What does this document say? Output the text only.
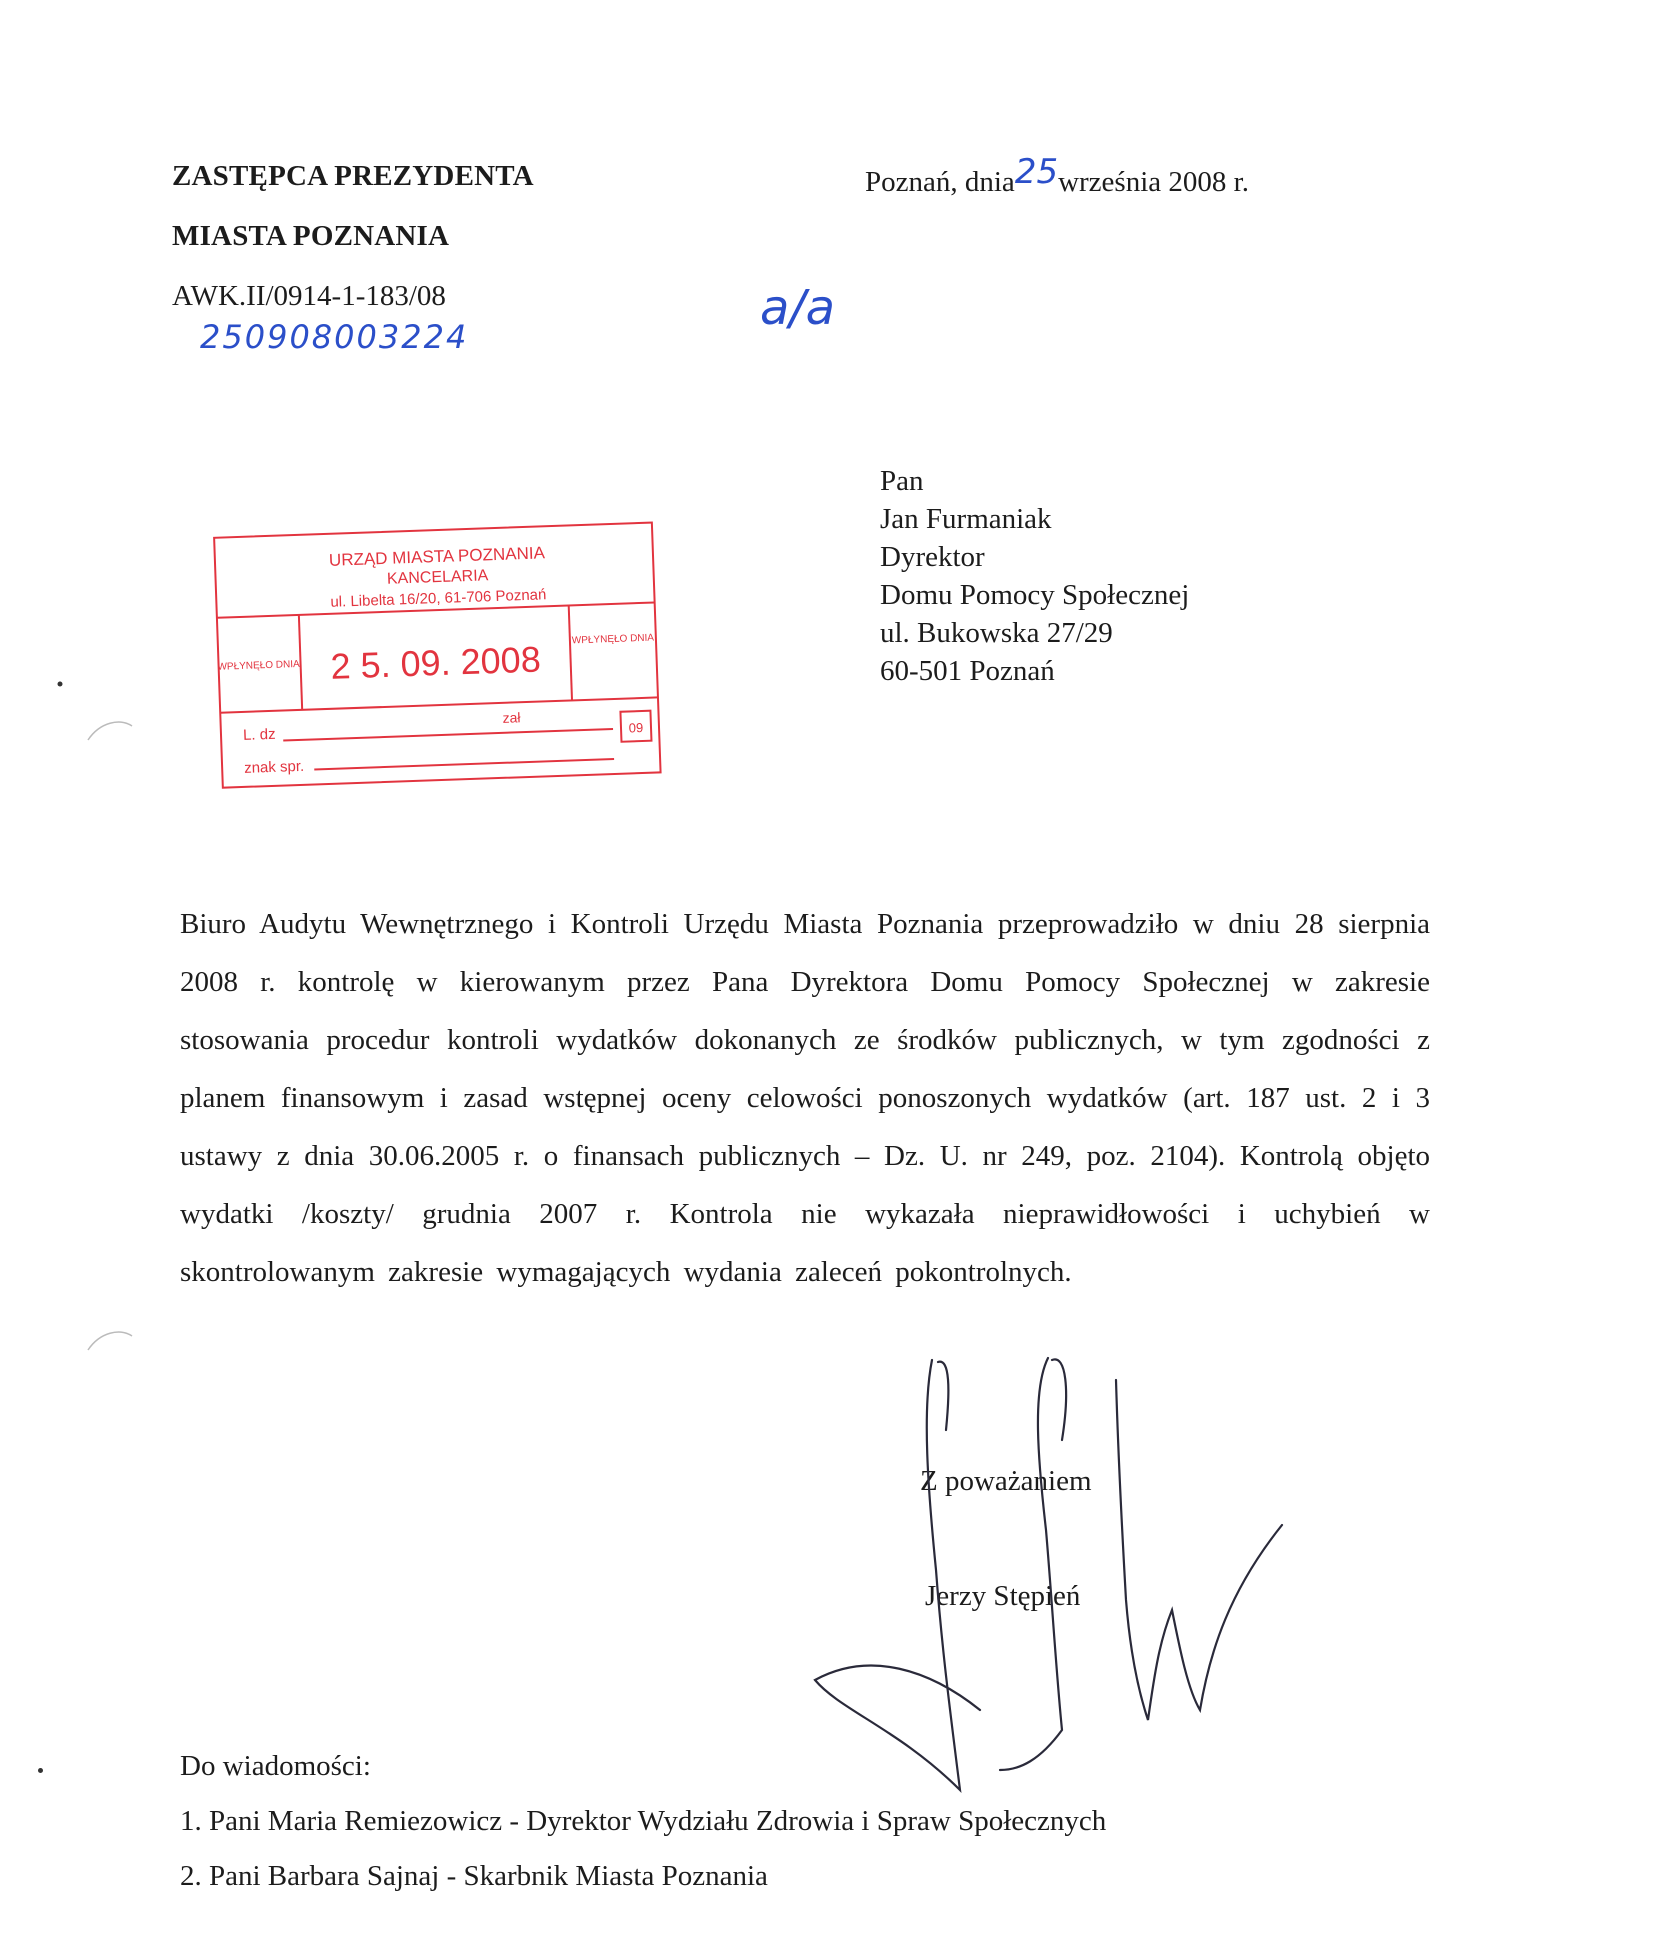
ZASTĘPCA PREZYDENTA
MIASTA POZNANIA
AWK.II/0914-1-183/08
250908003224
a/a
Poznań, dnia25września 2008 r.
Pan
Jan Furmaniak
Dyrektor
Domu Pomocy Społecznej
ul. Bukowska 27/29
60-501 Poznań
URZĄD MIASTA POZNANIA
KANCELARIA
ul. Libelta 16/20, 61-706 Poznań
WPŁYNĘŁO DNIA
WPŁYNĘŁO DNIA
2 5. 09. 2008
L. dz
zał
znak spr.
09
Biuro Audytu Wewnętrznego i Kontroli Urzędu Miasta Poznania przeprowadziło w dniu 28 sierpnia 2008 r. kontrolę w kierowanym przez Pana Dyrektora Domu Pomocy Społecznej w zakresie stosowania procedur kontroli wydatków dokonanych ze środków publicznych, w tym zgodności z planem finansowym i zasad wstępnej oceny celowości ponoszonych wydatków (art. 187 ust. 2 i 3 ustawy z dnia 30.06.2005 r. o finansach publicznych – Dz. U. nr 249, poz. 2104). Kontrolą objęto wydatki /koszty/ grudnia 2007 r. Kontrola nie wykazała nieprawidłowości i uchybień w skontrolowanym zakresie wymagających wydania zaleceń pokontrolnych.
Z poważaniem
Jerzy Stępień
Do wiadomości:
1. Pani Maria Remiezowicz - Dyrektor Wydziału Zdrowia i Spraw Społecznych
2. Pani Barbara Sajnaj - Skarbnik Miasta Poznania
